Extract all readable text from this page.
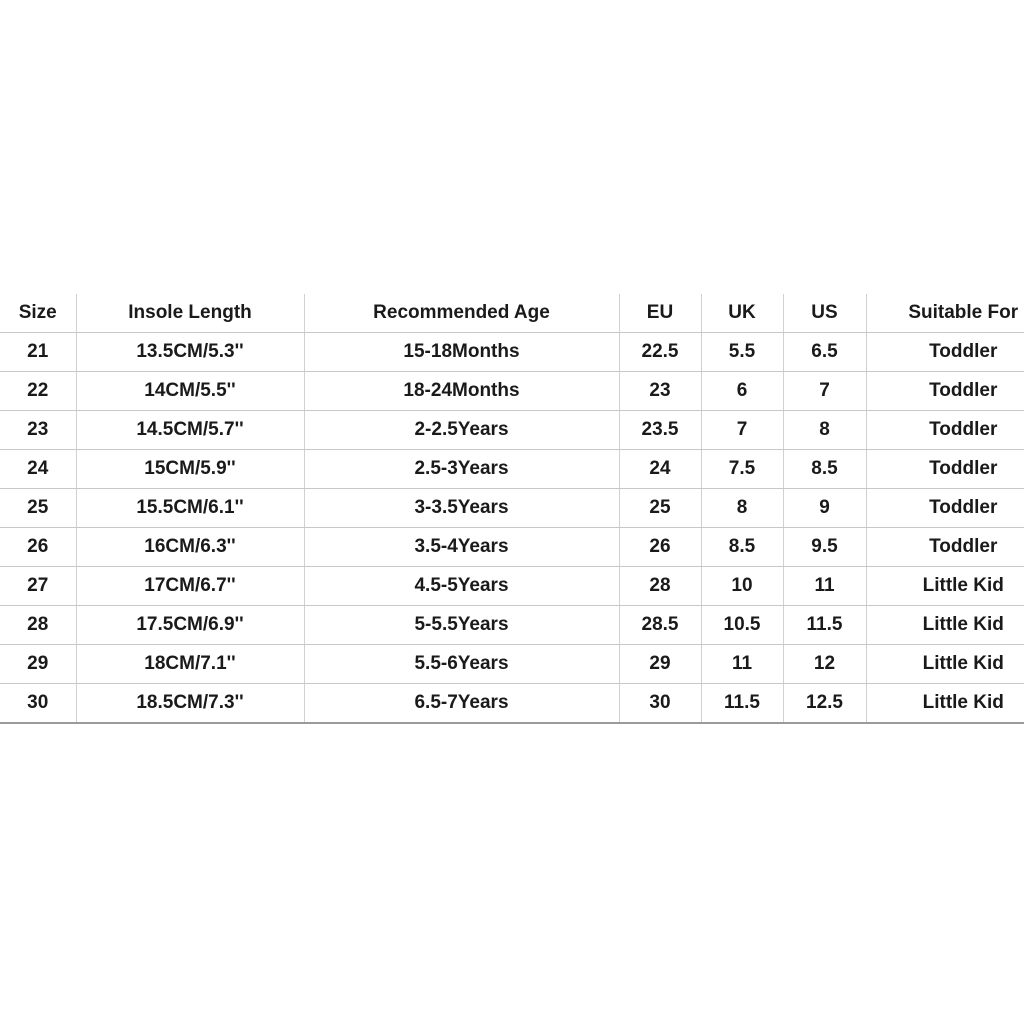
Size	Insole Length	Recommended Age	EU	UK	US	Suitable For
21	13.5CM/5.3''	15-18Months	22.5	5.5	6.5	Toddler
22	14CM/5.5''	18-24Months	23	6	7	Toddler
23	14.5CM/5.7''	2-2.5Years	23.5	7	8	Toddler
24	15CM/5.9''	2.5-3Years	24	7.5	8.5	Toddler
25	15.5CM/6.1''	3-3.5Years	25	8	9	Toddler
26	16CM/6.3''	3.5-4Years	26	8.5	9.5	Toddler
27	17CM/6.7''	4.5-5Years	28	10	11	Little Kid
28	17.5CM/6.9''	5-5.5Years	28.5	10.5	11.5	Little Kid
29	18CM/7.1''	5.5-6Years	29	11	12	Little Kid
30	18.5CM/7.3''	6.5-7Years	30	11.5	12.5	Little Kid
